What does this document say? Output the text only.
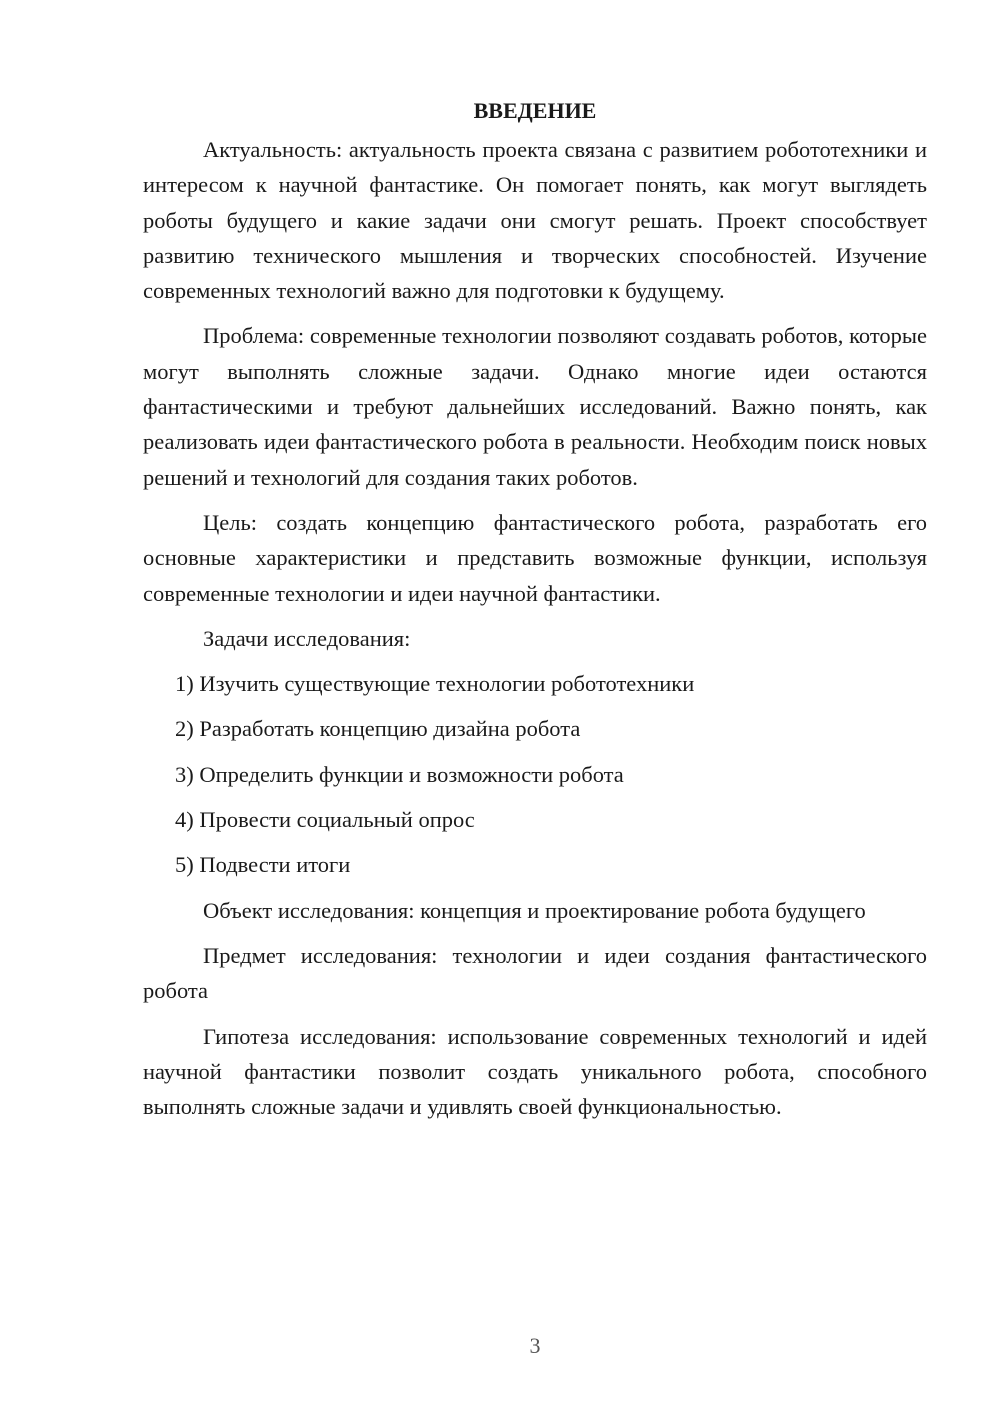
ВВЕДЕНИЕ

Актуальность: актуальность проекта связана с развитием робототехники и интересом к научной фантастике. Он помогает понять, как могут выглядеть роботы будущего и какие задачи они смогут решать. Проект способствует развитию технического мышления и творческих способностей. Изучение современных технологий важно для подготовки к будущему.

Проблема: современные технологии позволяют создавать роботов, которые могут выполнять сложные задачи. Однако многие идеи остаются фантастическими и требуют дальнейших исследований. Важно понять, как реализовать идеи фантастического робота в реальности. Необходим поиск новых решений и технологий для создания таких роботов.

Цель: создать концепцию фантастического робота, разработать его основные характеристики и представить возможные функции, используя современные технологии и идеи научной фантастики.

Задачи исследования:

1) Изучить существующие технологии робототехники
2) Разработать концепцию дизайна робота
3) Определить функции и возможности робота
4) Провести социальный опрос
5) Подвести итоги

Объект исследования: концепция и проектирование робота будущего

Предмет исследования: технологии и идеи создания фантастического робота

Гипотеза исследования: использование современных технологий и идей научной фантастики позволит создать уникального робота, способного выполнять сложные задачи и удивлять своей функциональностью.

3
